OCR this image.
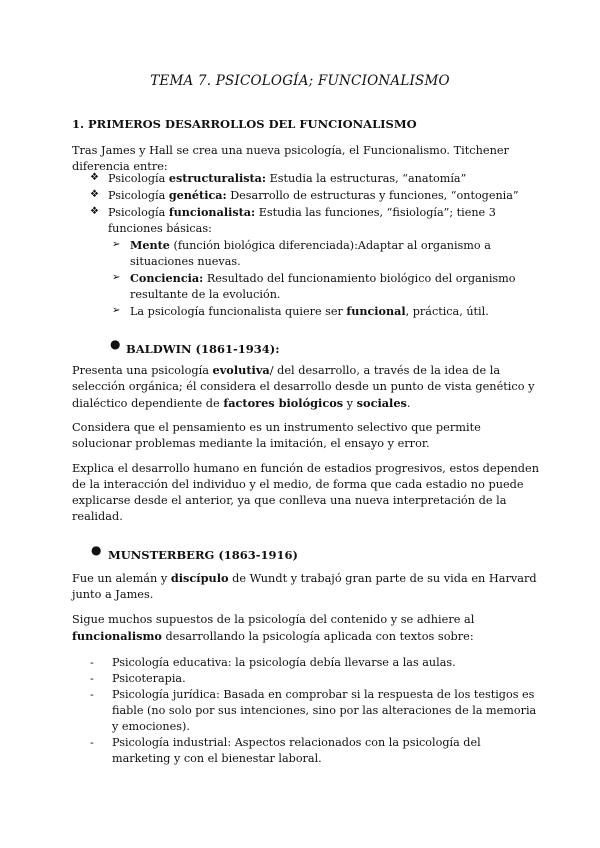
TEMA 7. PSICOLOGÍA; FUNCIONALISMO
1. PRIMEROS DESARROLLOS DEL FUNCIONALISMO
Tras James y Hall se crea una nueva psicología, el Funcionalismo. Titchener diferencia entre:
❖ Psicología estructuralista: Estudia la estructuras, “anatomía”
❖ Psicología genética: Desarrollo de estructuras y funciones, “ontogenia”
❖ Psicología funcionalista: Estudia las funciones, “fisiología”; tiene 3 funciones básicas:
➢ Mente (función biológica diferenciada):Adaptar al organismo a situaciones nuevas.
➢ Conciencia: Resultado del funcionamiento biológico del organismo resultante de la evolución.
➢ La psicología funcionalista quiere ser funcional, práctica, útil.
● BALDWIN (1861-1934):
Presenta una psicología evolutiva/ del desarrollo, a través de la idea de la selección orgánica; él considera el desarrollo desde un punto de vista genético y dialéctico dependiente de factores biológicos y sociales.
Considera que el pensamiento es un instrumento selectivo que permite solucionar problemas mediante la imitación, el ensayo y error.
Explica el desarrollo humano en función de estadios progresivos, estos dependen de la interacción del individuo y el medio, de forma que cada estadio no puede explicarse desde el anterior, ya que conlleva una nueva interpretación de la realidad.
● MUNSTERBERG (1863-1916)
Fue un alemán y discípulo de Wundt y trabajó gran parte de su vida en Harvard junto a James.
Sigue muchos supuestos de la psicología del contenido y se adhiere al funcionalismo desarrollando la psicología aplicada con textos sobre:
- Psicología educativa: la psicología debía llevarse a las aulas.
- Psicoterapia.
- Psicología jurídica: Basada en comprobar si la respuesta de los testigos es fiable (no solo por sus intenciones, sino por las alteraciones de la memoria y emociones).
- Psicología industrial: Aspectos relacionados con la psicología del marketing y con el bienestar laboral.
